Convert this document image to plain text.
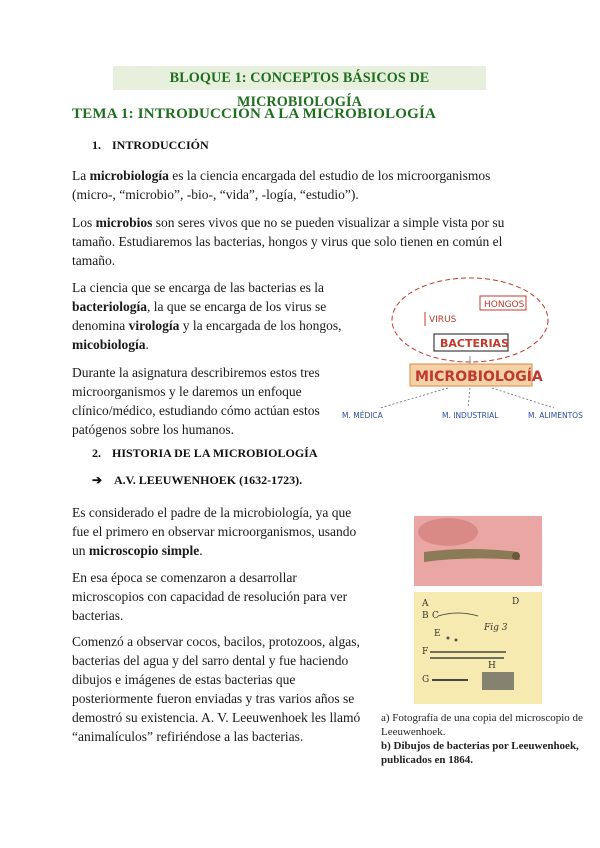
BLOQUE 1: CONCEPTOS BÁSICOS DE MICROBIOLOGÍA
TEMA 1: INTRODUCCIÓN A LA MICROBIOLOGÍA
1. INTRODUCCIÓN
La microbiología es la ciencia encargada del estudio de los microorganismos (micro-, “microbio”, -bio-, “vida”, -logía, “estudio”).
Los microbios son seres vivos que no se pueden visualizar a simple vista por su tamaño. Estudiaremos las bacterias, hongos y virus que solo tienen en común el tamaño.
La ciencia que se encarga de las bacterias es la bacteriología, la que se encarga de los virus se denomina virología y la encargada de los hongos, micobiología.
Durante la asignatura describiremos estos tres microorganismos y le daremos un enfoque clínico/médico, estudiando cómo actúan estos patógenos sobre los humanos.
VIRUS
HONGOS
BACTERIAS
MICROBIOLOGÍA
M. MÉDICA	M. INDUSTRIAL	M. ALIMENTOS
2. HISTORIA DE LA MICROBIOLOGÍA
➔ A.V. LEEUWENHOEK (1632-1723).
Es considerado el padre de la microbiología, ya que fue el primero en observar microorganismos, usando un microscopio simple.
En esa época se comenzaron a desarrollar microscopios con capacidad de resolución para ver bacterias.
Comenzó a observar cocos, bacilos, protozoos, algas, bacterias del agua y del sarro dental y fue haciendo dibujos e imágenes de estas bacterias que posteriormente fueron enviadas y tras varios años se demostró su existencia. A. V. Leeuwenhoek les llamó “animalículos” refiriéndose a las bacterias.
A
B C
D
E
F
G
H
Fig 3
a) Fotografía de una copia del microscopio de Leeuwenhoek.
b) Dibujos de bacterias por Leeuwenhoek, publicados en 1864.
